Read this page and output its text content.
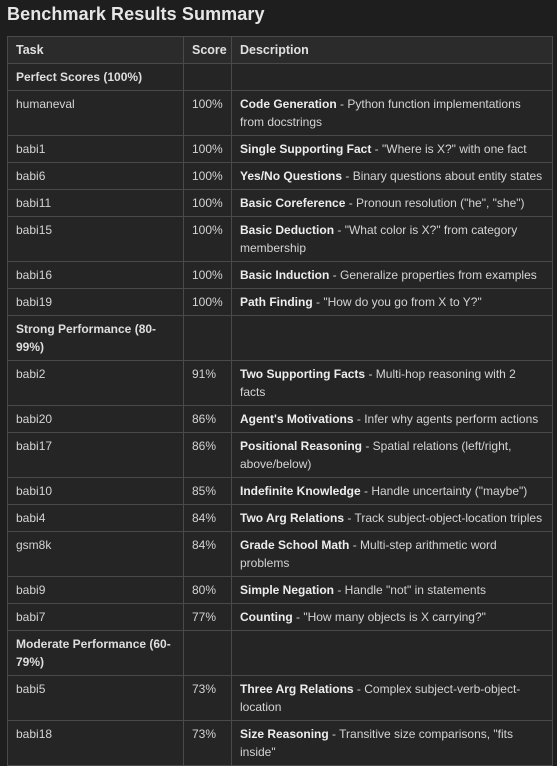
Benchmark Results Summary
Task	Score	Description
Perfect Scores (100%)		
humaneval	100%	Code Generation - Python function implementations from docstrings
babi1	100%	Single Supporting Fact - "Where is X?" with one fact
babi6	100%	Yes/No Questions - Binary questions about entity states
babi11	100%	Basic Coreference - Pronoun resolution ("he", "she")
babi15	100%	Basic Deduction - "What color is X?" from category membership
babi16	100%	Basic Induction - Generalize properties from examples
babi19	100%	Path Finding - "How do you go from X to Y?"
Strong Performance (80-99%)		
babi2	91%	Two Supporting Facts - Multi-hop reasoning with 2 facts
babi20	86%	Agent's Motivations - Infer why agents perform actions
babi17	86%	Positional Reasoning - Spatial relations (left/right, above/below)
babi10	85%	Indefinite Knowledge - Handle uncertainty ("maybe")
babi4	84%	Two Arg Relations - Track subject-object-location triples
gsm8k	84%	Grade School Math - Multi-step arithmetic word problems
babi9	80%	Simple Negation - Handle "not" in statements
babi7	77%	Counting - "How many objects is X carrying?"
Moderate Performance (60-79%)		
babi5	73%	Three Arg Relations - Complex subject-verb-object-location
babi18	73%	Size Reasoning - Transitive size comparisons, "fits inside"
